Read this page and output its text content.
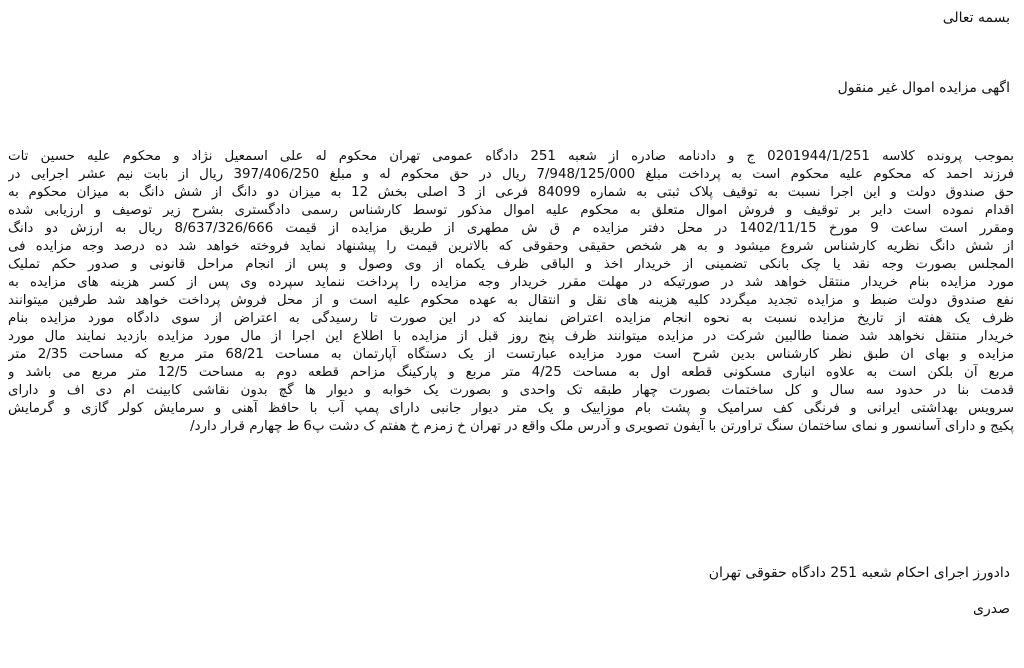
بسمه تعالی
اگهی مزایده اموال غیر منقول
بموجب پرونده کلاسه 0201944/1/251 ج و دادنامه صادره از شعبه 251 دادگاه عمومی تهران محکوم له علی اسمعیل نژاد و محکوم علیه حسین تات
فرزند احمد که محکوم علیه محکوم است به پرداخت مبلغ 7/948/125/000 ریال در حق محکوم له و مبلغ 397/406/250 ریال از بابت نیم عشر اجرایی در
حق صندوق دولت و این اجرا نسبت به توقیف پلاک ثبتی به شماره 84099 فرعی از 3 اصلی بخش 12 به میزان دو دانگ از شش دانگ به میزان محکوم به
اقدام نموده است دایر بر توقیف و فروش اموال متعلق به محکوم علیه اموال مذکور توسط کارشناس رسمی دادگستری بشرح زیر توصیف و ارزیابی شده
ومقرر است ساعت 9 مورخ 1402/11/15 در محل دفتر مزایده م ق ش مطهری از طریق مزایده از قیمت 8/637/326/666 ریال به ارزش دو دانگ
از شش دانگ نظریه کارشناس شروع میشود و به هر شخص حقیقی وحقوقی که بالاترین قیمت را پیشنهاد نماید فروخته خواهد شد ده درصد وجه مزایده فی
المجلس بصورت وجه نقد یا چک بانکی تضمینی از خریدار اخذ و الباقی ظرف یکماه از وی وصول و پس از انجام مراحل قانونی و صدور حکم تملیک
مورد مزایده بنام خریدار منتقل خواهد شد در صورتیکه در مهلت مقرر خریدار وجه مزایده را پرداخت ننماید سپرده وی پس از کسر هزینه های مزایده به
نفع صندوق دولت ضبط و مزایده تجدید میگردد کلیه هزینه های نقل و انتقال به عهده محکوم علیه است و از محل فروش پرداخت خواهد شد طرفین میتوانند
ظرف یک هفته از تاریخ مزایده نسبت به نحوه انجام مزایده اعتراض نمایند که در این صورت تا رسیدگی به اعتراض از سوی دادگاه مورد مزایده بنام
خریدار منتقل نخواهد شد ضمنا طالبین شرکت در مزایده میتوانند ظرف پنج روز قبل از مزایده با اطلاع این اجرا از مال مورد مزایده بازدید نمایند مال مورد
مزایده و بهای ان طبق نظر کارشناس بدین شرح است مورد مزایده عبارتست از یک دستگاه آپارتمان به مساحت 68/21 متر مربع که مساحت 2/35 متر
مربع آن بلکن است به علاوه انباری مسکونی قطعه اول به مساحت 4/25 متر مربع و پارکینگ مزاحم قطعه دوم به مساحت 12/5 متر مربع می باشد و
قدمت بنا در حدود سه سال و کل ساختمات بصورت چهار طبقه تک واحدی و بصورت یک خوابه و دیوار ها گچ بدون نقاشی کابینت ام دی اف و دارای
سرویس بهداشتی ایرانی و فرنگی کف سرامیک و پشت بام موزاییک و یک متر دیوار جانبی دارای پمپ آب با حافظ آهنی و سرمایش کولر گازی و گرمایش
پکیج و دارای آسانسور و نمای ساختمان سنگ تراورتن با آیفون تصویری و آدرس ملک واقع در تهران خ زمزم خ هفتم ک دشت پ6 ط چهارم قرار دارد/
دادورز اجرای احکام شعبه 251 دادگاه حقوقی تهران
صدری
